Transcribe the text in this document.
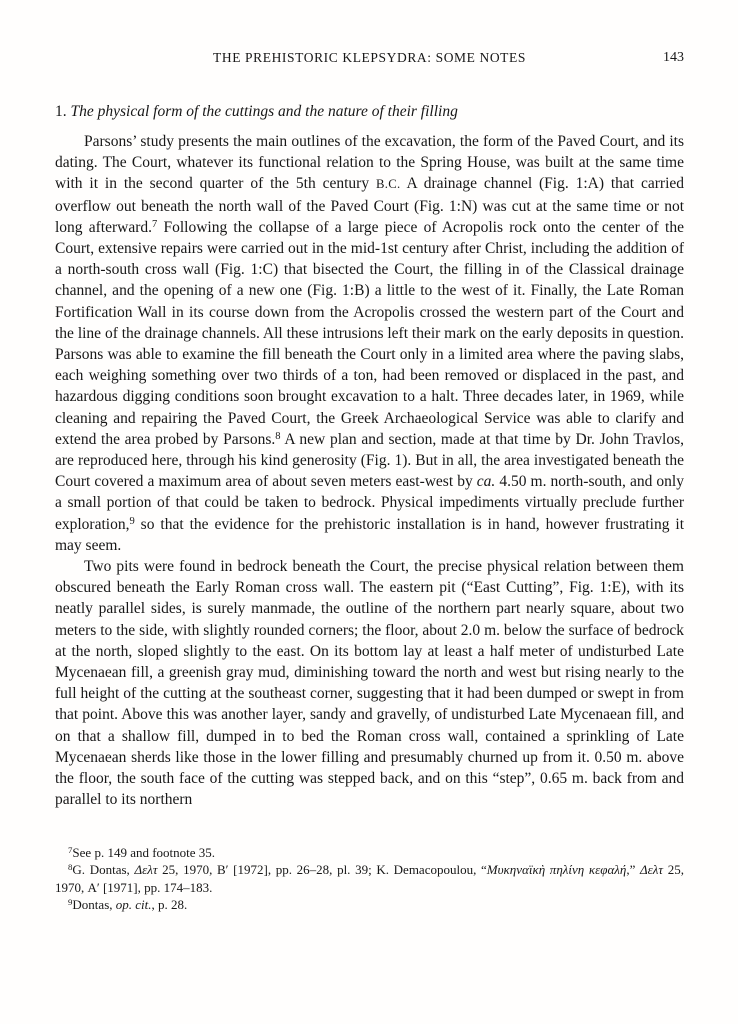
THE PREHISTORIC KLEPSYDRA: SOME NOTES	143
1. The physical form of the cuttings and the nature of their filling

Parsons’ study presents the main outlines of the excavation, the form of the Paved Court, and its dating. The Court, whatever its functional relation to the Spring House, was built at the same time with it in the second quarter of the 5th century B.C. A drainage channel (Fig. 1:A) that carried overflow out beneath the north wall of the Paved Court (Fig. 1:N) was cut at the same time or not long afterward.$^7$ Following the collapse of a large piece of Acropolis rock onto the center of the Court, extensive repairs were carried out in the mid-1st century after Christ, including the addition of a north-south cross wall (Fig. 1:C) that bisected the Court, the filling in of the Classical drainage channel, and the opening of a new one (Fig. 1:B) a little to the west of it. Finally, the Late Roman Fortification Wall in its course down from the Acropolis crossed the western part of the Court and the line of the drainage channels. All these intrusions left their mark on the early deposits in question. Parsons was able to examine the fill beneath the Court only in a limited area where the paving slabs, each weighing something over two thirds of a ton, had been removed or displaced in the past, and hazardous digging conditions soon brought excavation to a halt. Three decades later, in 1969, while cleaning and repairing the Paved Court, the Greek Archaeological Service was able to clarify and extend the area probed by Parsons.$^8$ A new plan and section, made at that time by Dr. John Travlos, are reproduced here, through his kind generosity (Fig. 1). But in all, the area investigated beneath the Court covered a maximum area of about seven meters east-west by ca. 4.50 m. north-south, and only a small portion of that could be taken to bedrock. Physical impediments virtually preclude further exploration,$^9$ so that the evidence for the prehistoric installation is in hand, however frustrating it may seem.

Two pits were found in bedrock beneath the Court, the precise physical relation between them obscured beneath the Early Roman cross wall. The eastern pit (“East Cutting”, Fig. 1:E), with its neatly parallel sides, is surely manmade, the outline of the northern part nearly square, about two meters to the side, with slightly rounded corners; the floor, about 2.0 m. below the surface of bedrock at the north, sloped slightly to the east. On its bottom lay at least a half meter of undisturbed Late Mycenaean fill, a greenish gray mud, diminishing toward the north and west but rising nearly to the full height of the cutting at the southeast corner, suggesting that it had been dumped or swept in from that point. Above this was another layer, sandy and gravelly, of undisturbed Late Mycenaean fill, and on that a shallow fill, dumped in to bed the Roman cross wall, contained a sprinkling of Late Mycenaean sherds like those in the lower filling and presumably churned up from it. 0.50 m. above the floor, the south face of the cutting was stepped back, and on this “step”, 0.65 m. back from and parallel to its northern

$^7$See p. 149 and footnote 35.

$^8$G. Dontas, Δελτ 25, 1970, B′ [1972], pp. 26–28, pl. 39; K. Demacopoulou, “Μυκηναϊκὴ πηλίνη κεφαλή,” Δελτ 25, 1970, A′ [1971], pp. 174–183.

$^9$Dontas, op. cit., p. 28.
